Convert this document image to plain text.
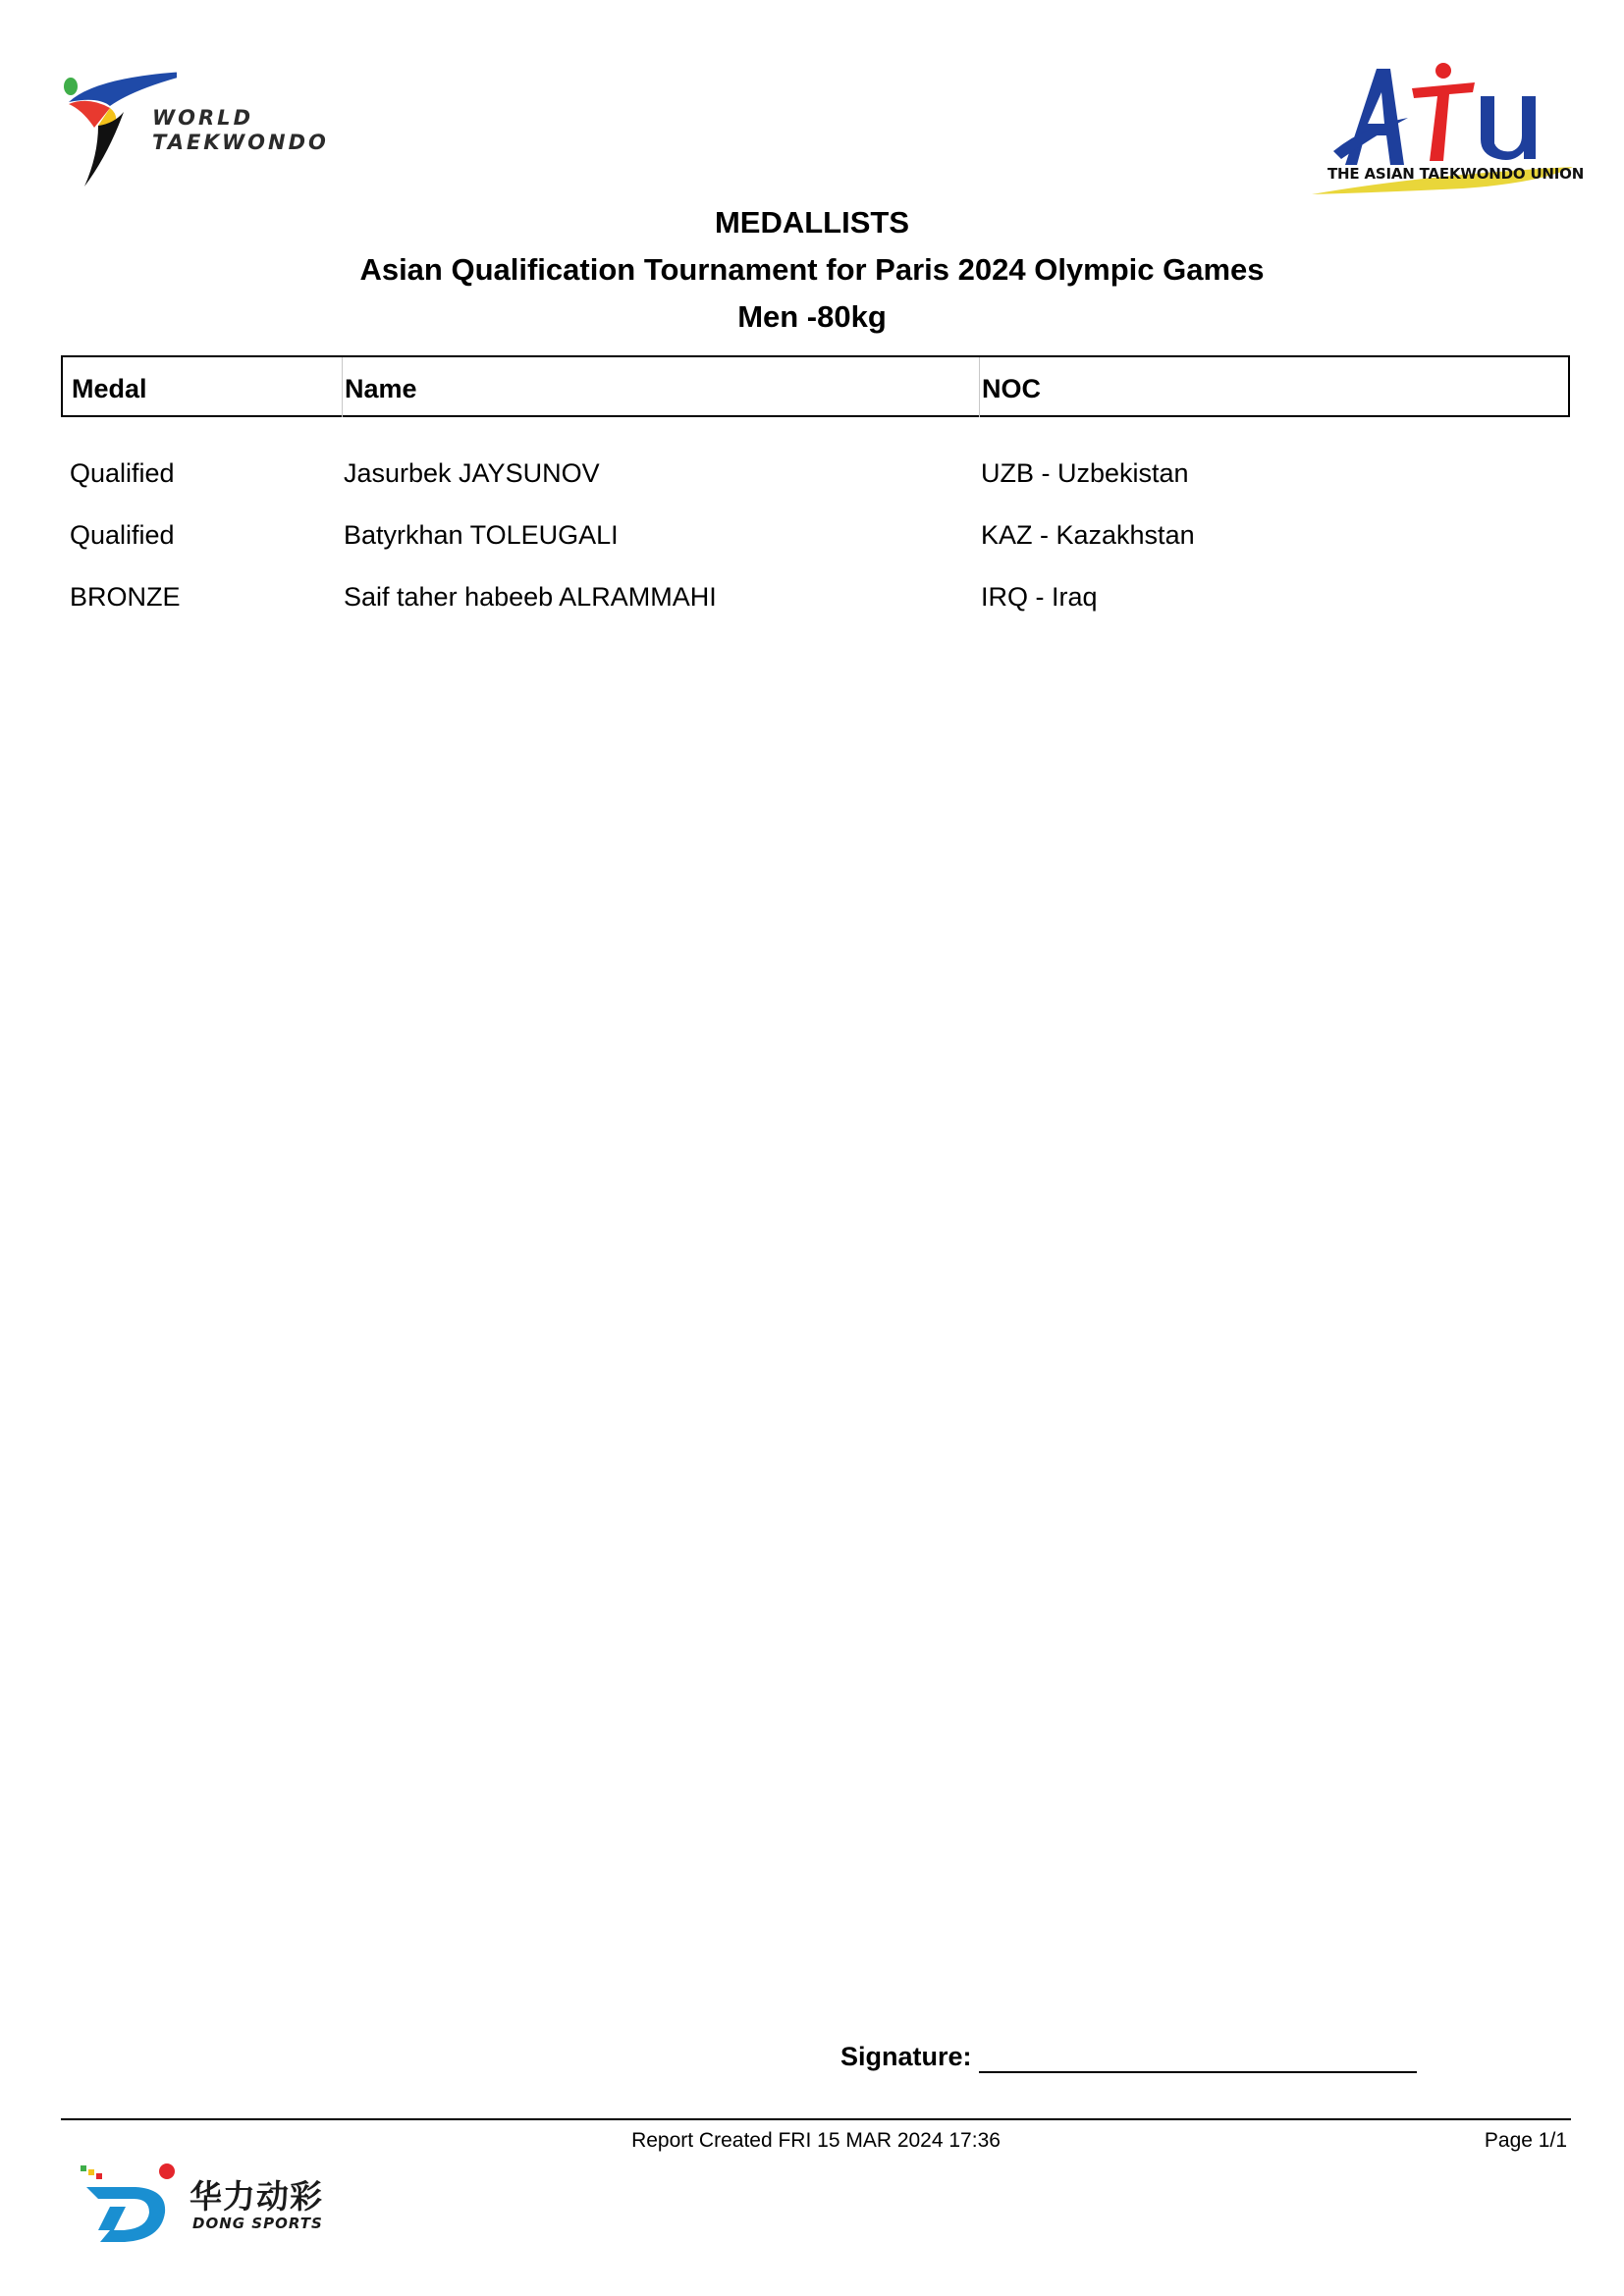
WORLD
TAEKWONDO
THE ASIAN TAEKWONDO UNION
MEDALLISTS
Asian Qualification Tournament for Paris 2024 Olympic Games
Men -80kg
Medal	Name	NOC
Qualified	Jasurbek JAYSUNOV	UZB - Uzbekistan
Qualified	Batyrkhan TOLEUGALI	KAZ - Kazakhstan
BRONZE	Saif taher habeeb ALRAMMAHI	IRQ - Iraq
Signature:
Report Created FRI 15 MAR 2024 17:36	Page 1/1
华力动彩
DONG SPORTS
